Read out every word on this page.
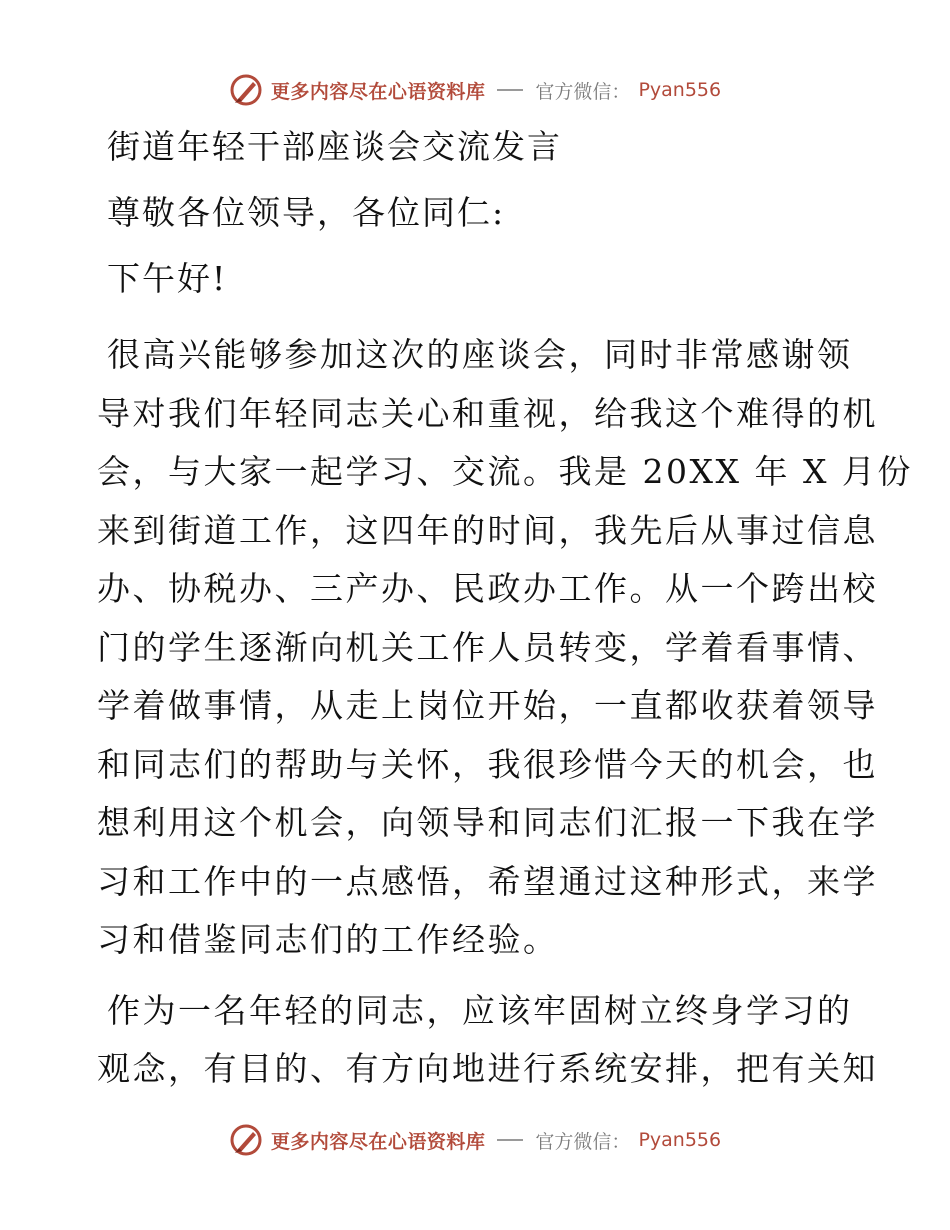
更多内容尽在心语资料库	官方微信： Pyan556

街道年轻干部座谈会交流发言

尊敬各位领导，各位同仁:

下午好!

很高兴能够参加这次的座谈会，同时非常感谢领
导对我们年轻同志关心和重视，给我这个难得的机
会，与大家一起学习、交流。我是 20XX 年 X 月份
来到街道工作，这四年的时间，我先后从事过信息
办、协税办、三产办、民政办工作。从一个跨出校
门的学生逐渐向机关工作人员转变，学着看事情、
学着做事情，从走上岗位开始，一直都收获着领导
和同志们的帮助与关怀，我很珍惜今天的机会，也
想利用这个机会，向领导和同志们汇报一下我在学
习和工作中的一点感悟，希望通过这种形式，来学
习和借鉴同志们的工作经验。
作为一名年轻的同志，应该牢固树立终身学习的
观念，有目的、有方向地进行系统安排，把有关知
更多内容尽在心语资料库	官方微信： Pyan556
